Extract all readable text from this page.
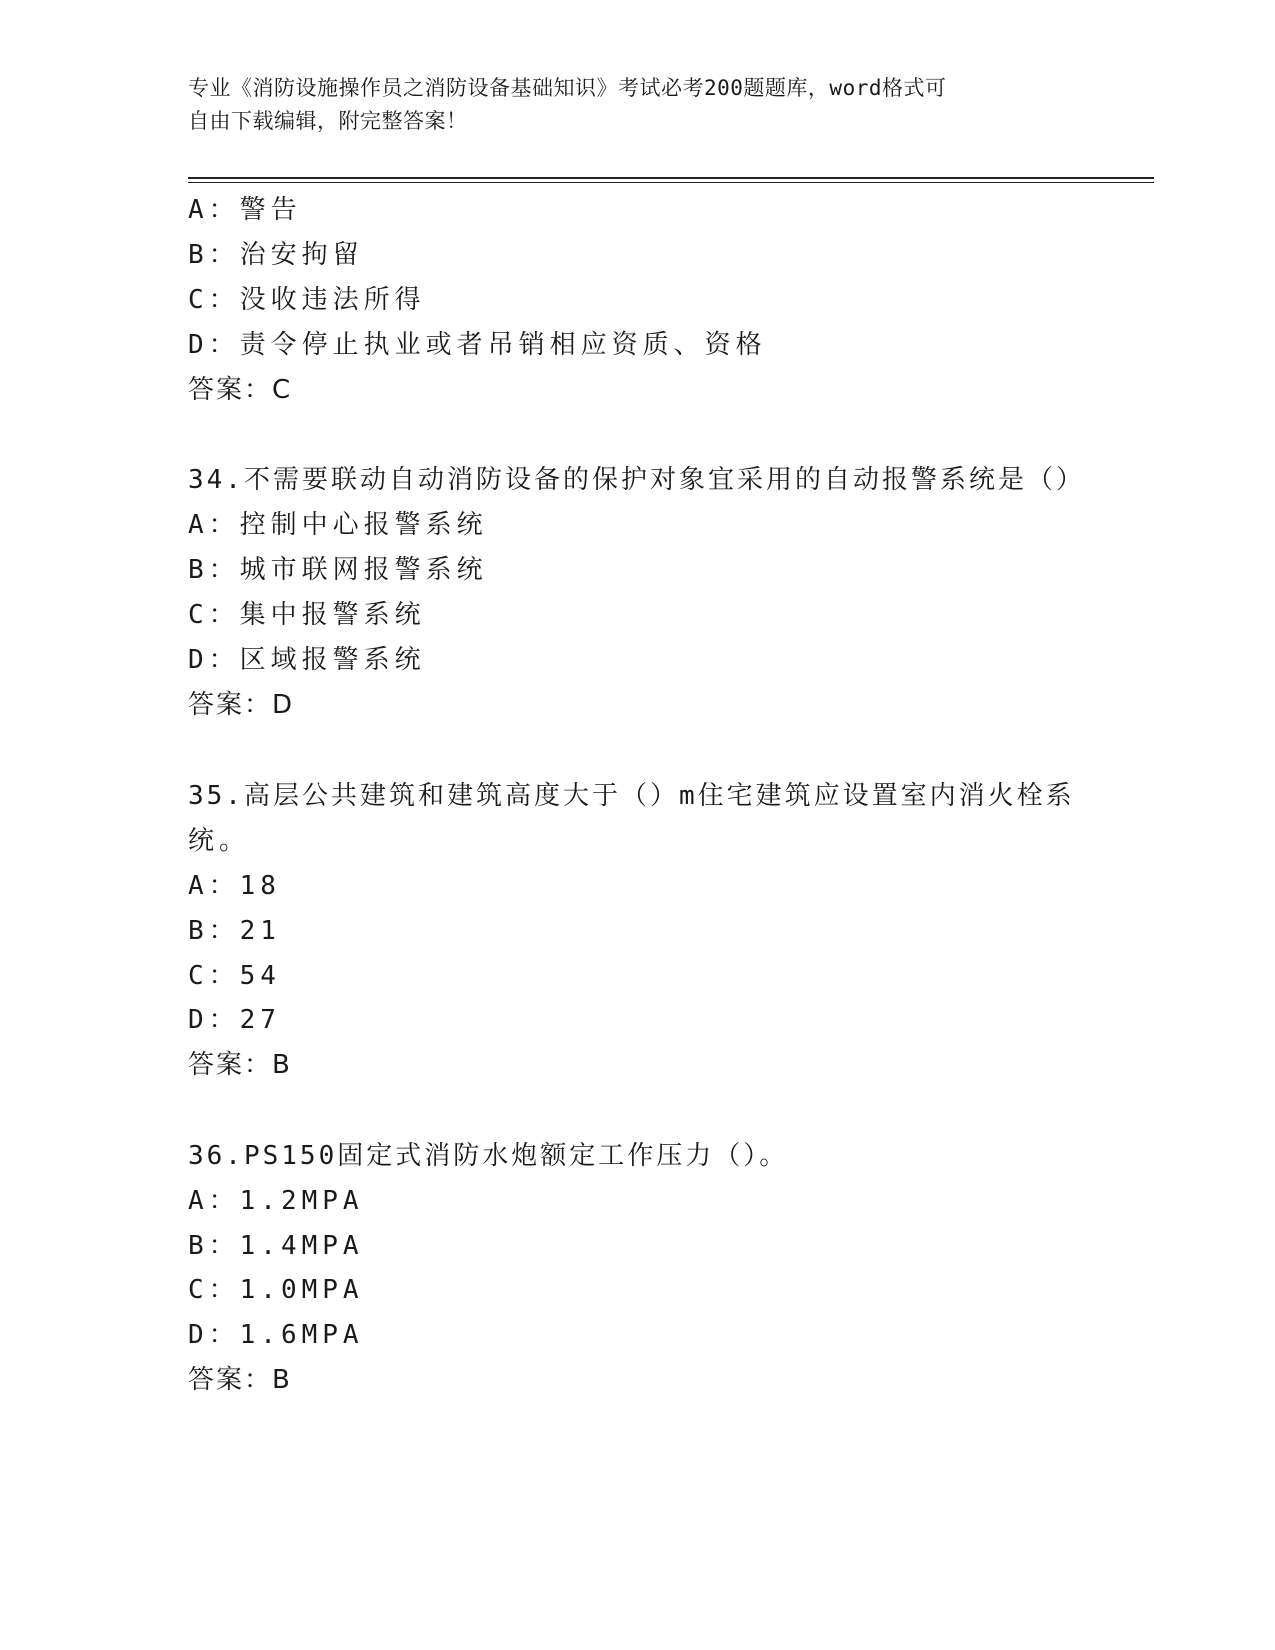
专业《消防设施操作员之消防设备基础知识》考试必考200题题库，word格式可
自由下载编辑，附完整答案！
A：警告
B：治安拘留
C：没收违法所得
D：责令停止执业或者吊销相应资质、资格
答案：C
34.不需要联动自动消防设备的保护对象宜采用的自动报警系统是（）
A：控制中心报警系统
B：城市联网报警系统
C：集中报警系统
D：区域报警系统
答案：D
35.高层公共建筑和建筑高度大于（）m住宅建筑应设置室内消火栓系
统。
A：18
B：21
C：54
D：27
答案：B
36.PS150固定式消防水炮额定工作压力（）。
A：1.2MPA
B：1.4MPA
C：1.0MPA
D：1.6MPA
答案：B
